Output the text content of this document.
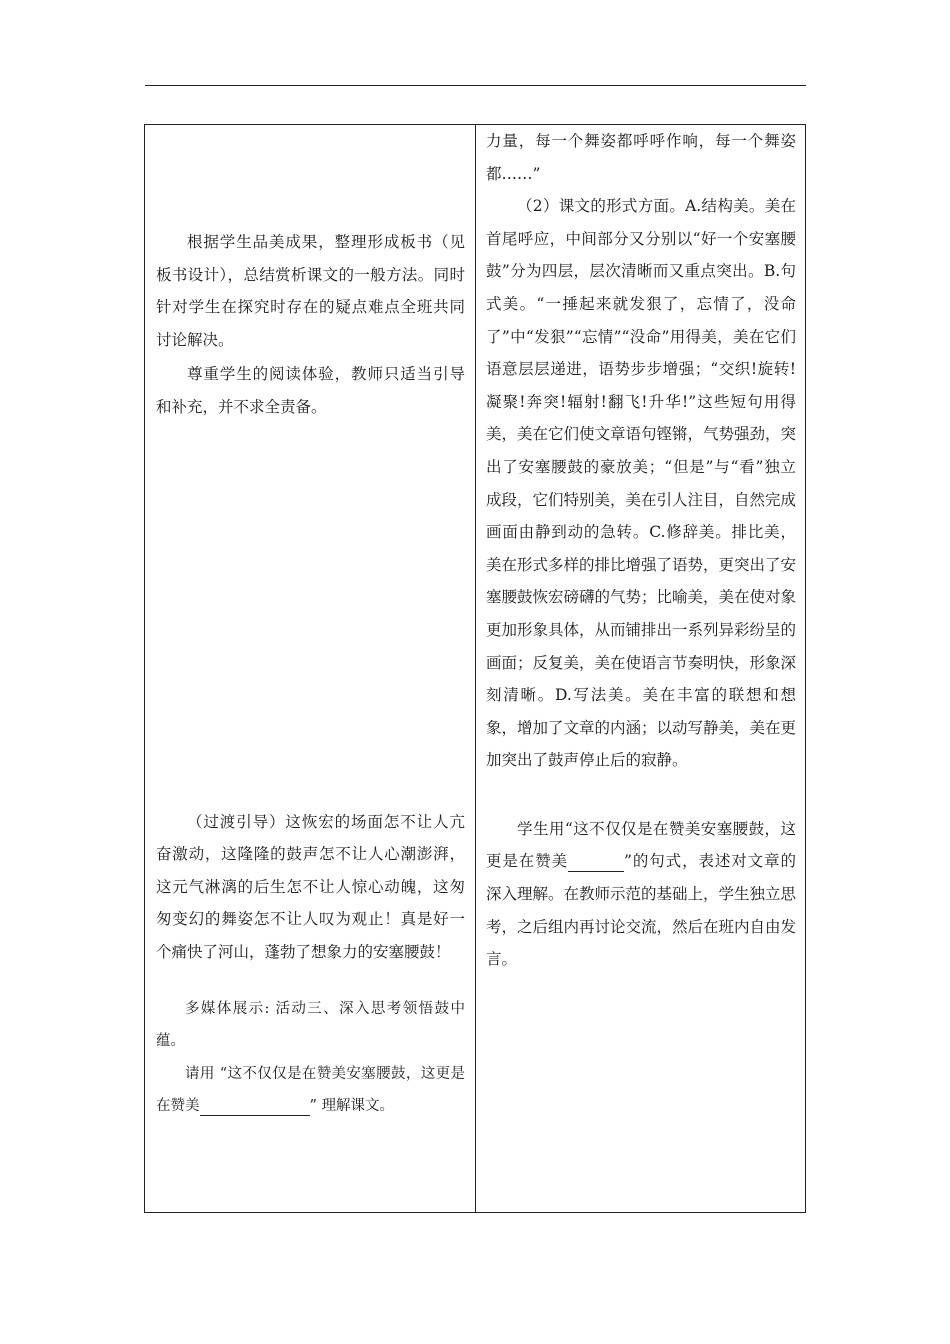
根据学生品美成果，整理形成板书（见板书设计），总结赏析课文的一般方法。同时针对学生在探究时存在的疑点难点全班共同讨论解决。

尊重学生的阅读体验，教师只适当引导和补充，并不求全责备。

（过渡引导）这恢宏的场面怎不让人亢奋激动，这隆隆的鼓声怎不让人心潮澎湃，这元气淋漓的后生怎不让人惊心动魄，这匆匆变幻的舞姿怎不让人叹为观止！真是好一个痛快了河山，蓬勃了想象力的安塞腰鼓！

多媒体展示: 活动三、深入思考领悟鼓中蕴。

请用 “这不仅仅是在赞美安塞腰鼓，这更是在赞美	” 理解课文。

力量，每一个舞姿都呼呼作响，每一个舞姿都……”

（2）课文的形式方面。A.结构美。美在首尾呼应，中间部分又分别以“好一个安塞腰鼓”分为四层，层次清晰而又重点突出。B.句式美。“一捶起来就发狠了，忘情了，没命了”中“发狠”“忘情”“没命”用得美，美在它们语意层层递进，语势步步增强；“交织!旋转!凝聚!奔突!辐射!翻飞!升华!”这些短句用得美，美在它们使文章语句铿锵，气势强劲，突出了安塞腰鼓的豪放美；“但是”与“看”独立成段，它们特别美，美在引人注目，自然完成画面由静到动的急转。C.修辞美。排比美，美在形式多样的排比增强了语势，更突出了安塞腰鼓恢宏磅礴的气势；比喻美，美在使对象更加形象具体，从而铺排出一系列异彩纷呈的画面；反复美，美在使语言节奏明快，形象深刻清晰。D.写法美。美在丰富的联想和想象，增加了文章的内涵；以动写静美，美在更加突出了鼓声停止后的寂静。

学生用“这不仅仅是在赞美安塞腰鼓，这更是在赞美	”的句式，表述对文章的深入理解。在教师示范的基础上，学生独立思考，之后组内再讨论交流，然后在班内自由发言。
